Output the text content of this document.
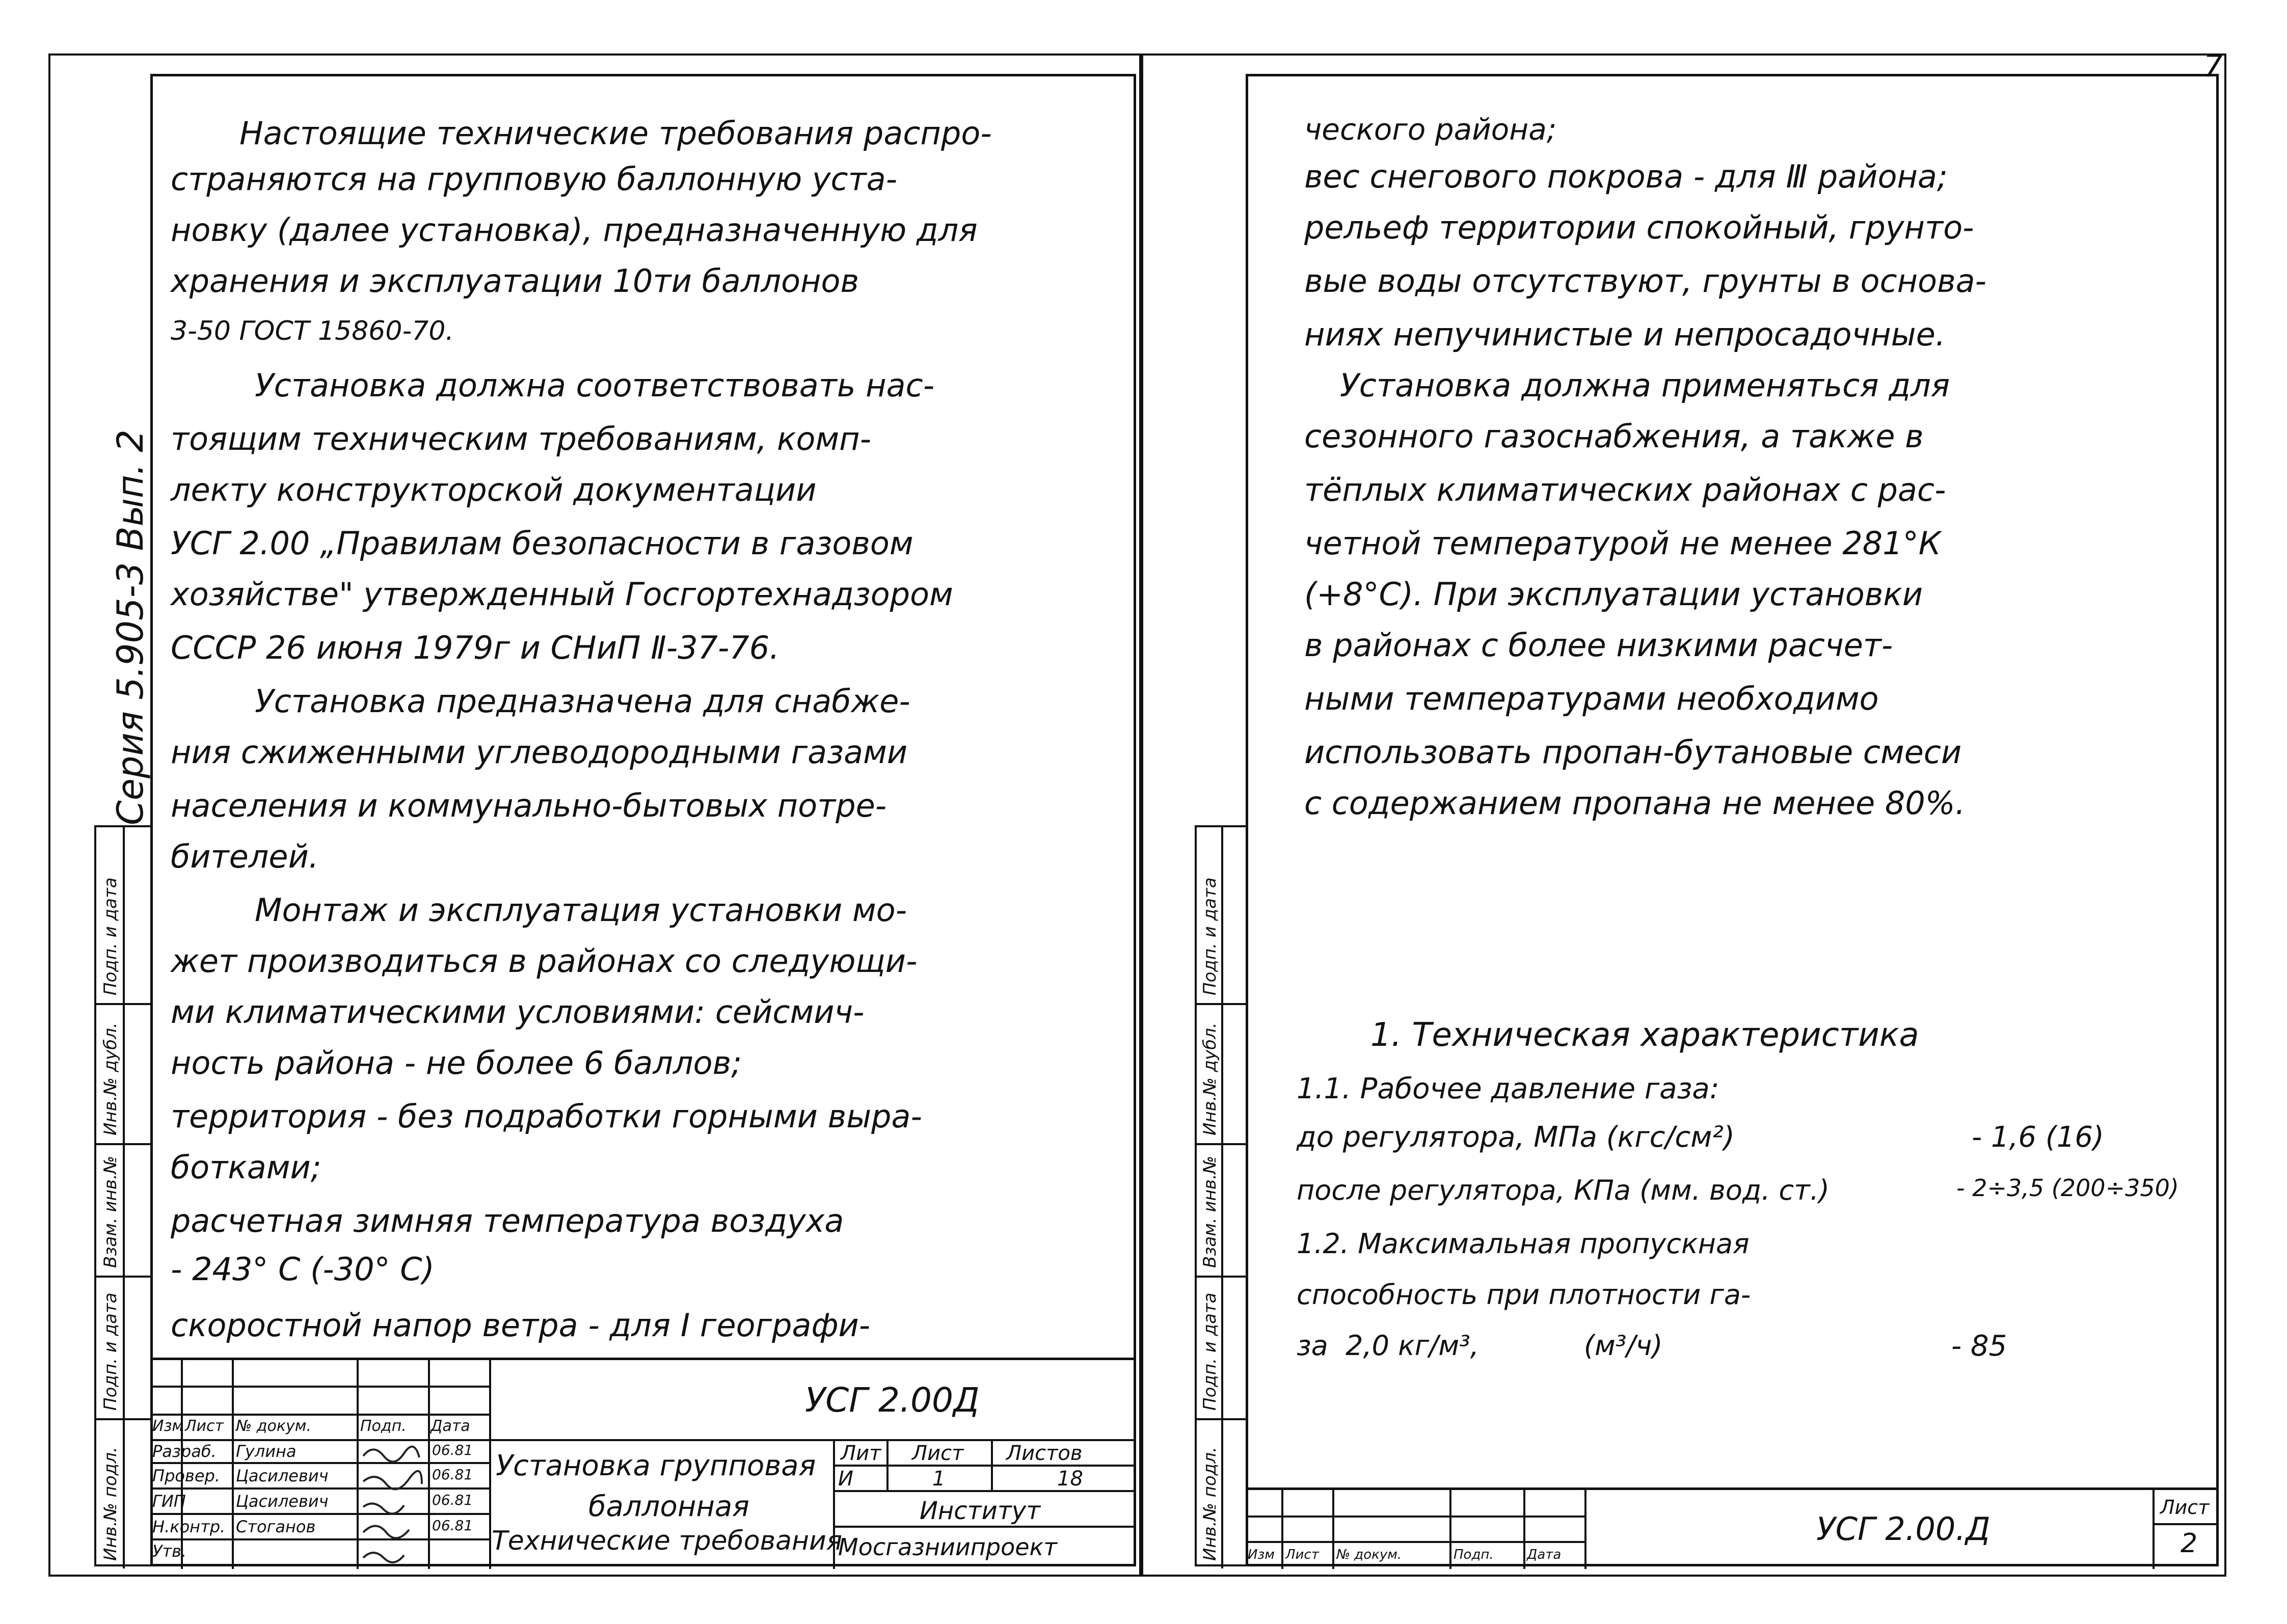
7
Серия 5.905-3 Вып. 2
Подп. и дата
Инв.№ дубл.
Взам. инв.№
Подп. и дата
Инв.№ подл.
Настоящие технические требования распро-
страняются на групповую баллонную уста-
новку (далее установка), предназначенную для
хранения и эксплуатации 10ти баллонов
3-50 ГОСТ 15860-70.
Установка должна соответствовать нас-
тоящим техническим требованиям, комп-
лекту конструкторской документации
УСГ 2.00 „Правилам безопасности в газовом
хозяйстве" утвержденный Госгортехнадзором
СССР 26 июня 1979г и СНиП Ⅱ-37-76.
Установка предназначена для снабже-
ния сжиженными углеводородными газами
населения и коммунально-бытовых потре-
бителей.
Монтаж и эксплуатация установки мо-
жет производиться в районах со следующи-
ми климатическими условиями: сейсмич-
ность района - не более 6 баллов;
территория - без подработки горными выра-
ботками;
расчетная зимняя температура воздуха
- 243° С (-30° С)
скоростной напор ветра - для I географи-
Изм Лист № докум.	Подп. Дата
Разраб. Гулина	06.81
Провер. Цасилевич	06.81
ГИП	Цасилевич	06.81
Н.контр. Стоганов	06.81
Утв.
УСГ 2.00Д
Установка групповая
баллонная
Технические требования
Лит Лист Листов
И	1	18
Институт
Мосгазниипроект
Подп. и дата
Инв.№ дубл.
Взам. инв.№
Подп. и дата
Инв.№ подл.
ческого района;
вес снегового покрова - для Ⅲ района;
рельеф территории спокойный, грунто-
вые воды отсутствуют, грунты в основа-
ниях непучинистые и непросадочные.
Установка должна применяться для
сезонного газоснабжения, а также в
тёплых климатических районах с рас-
четной температурой не менее 281°К
(+8°С). При эксплуатации установки
в районах с более низкими расчет-
ными температурами необходимо
использовать пропан-бутановые смеси
с содержанием пропана не менее 80%.
1. Техническая характеристика
1.1. Рабочее давление газа:
до регулятора, МПа (кгс/см²)	- 1,6 (16)
после регулятора, КПа (мм. вод. ст.)	- 2÷3,5 (200÷350)
1.2. Максимальная пропускная
способность при плотности га-
за  2,0 кг/м³,            (м³/ч)	- 85
Изм Лист № докум.	Подп.	Дата
УСГ 2.00.Д
Лист
2
